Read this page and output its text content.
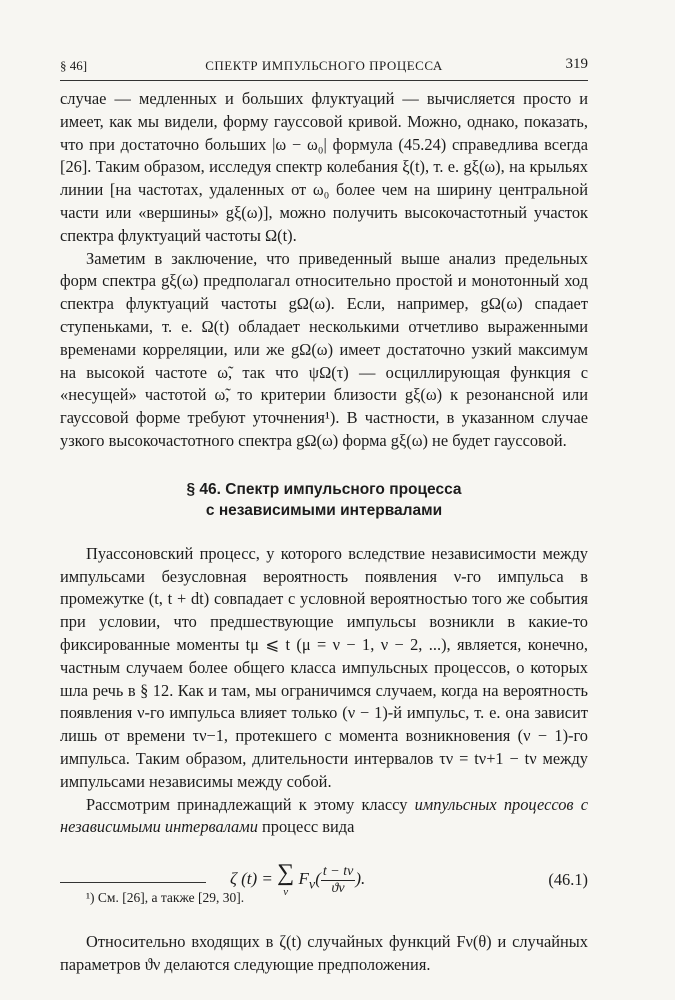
§ 46]	СПЕКТР ИМПУЛЬСНОГО ПРОЦЕССА	319

случае — медленных и больших флуктуаций — вычисляется просто и имеет, как мы видели, форму гауссовой кривой. Можно, однако, показать, что при достаточно больших |ω − ω₀| формула (45.24) справедлива всегда [26]. Таким образом, исследуя спектр колебания ξ(t), т. е. gξ(ω), на крыльях линии [на частотах, удаленных от ω₀ более чем на ширину центральной части или «вершины» gξ(ω)], можно получить высокочастотный участок спектра флуктуаций частоты Ω(t).

Заметим в заключение, что приведенный выше анализ предельных форм спектра gξ(ω) предполагал относительно простой и монотонный ход спектра флуктуаций частоты gΩ(ω). Если, например, gΩ(ω) спадает ступеньками, т. е. Ω(t) обладает несколькими отчетливо выраженными временами корреляции, или же gΩ(ω) имеет достаточно узкий максимум на высокой частоте ω̃, так что ψΩ(τ) — осциллирующая функция с «несущей» частотой ω̃, то критерии близости gξ(ω) к резонансной или гауссовой форме требуют уточнения¹). В частности, в указанном случае узкого высокочастотного спектра gΩ(ω) форма gξ(ω) не будет гауссовой.

§ 46. Спектр импульсного процесса
с независимыми интервалами

Пуассоновский процесс, у которого вследствие независимости между импульсами безусловная вероятность появления ν-го импульса в промежутке (t, t + dt) совпадает с условной вероятностью того же события при условии, что предшествующие импульсы возникли в какие-то фиксированные моменты tμ ⩽ t (μ = ν − 1, ν − 2, ...), является, конечно, частным случаем более общего класса импульсных процессов, о которых шла речь в § 12. Как и там, мы ограничимся случаем, когда на вероятность появления ν-го импульса влияет только (ν − 1)-й импульс, т. е. она зависит лишь от времени τν−1, протекшего с момента возникновения (ν − 1)-го импульса. Таким образом, длительности интервалов τν = tν+1 − tν между импульсами независимы между собой.

Рассмотрим принадлежащий к этому классу импульсных процессов с независимыми интервалами процесс вида

ζ (t) = ∑
ν
$F_\nu( \frac{t - t\nu}{ϑ\nu}$ ).	(46.1)

Относительно входящих в ζ(t) случайных функций Fν(θ) и случайных параметров ϑν делаются следующие предположения.

¹) См. [26], а также [29, 30].
